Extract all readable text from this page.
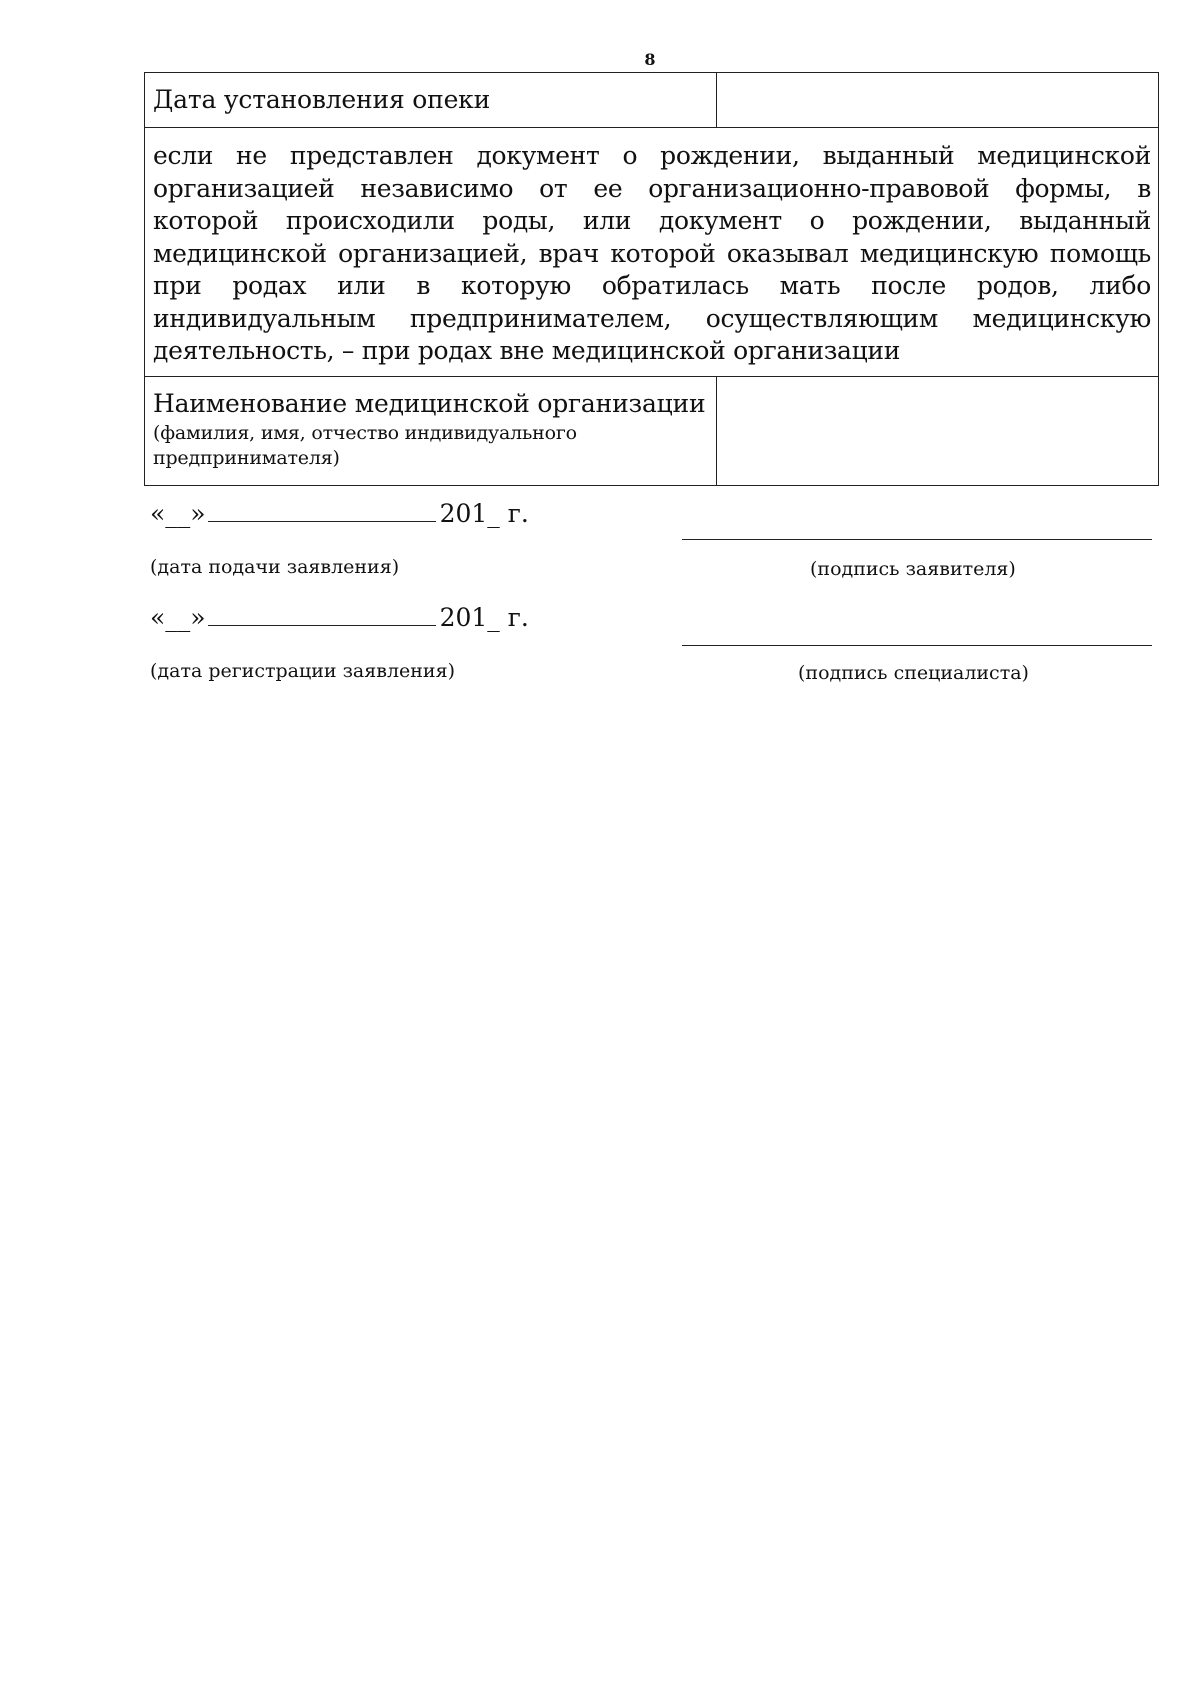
8
Дата установления опеки	

если не представлен документ о рождении, выданный медицинской организацией независимо от ее организационно-правовой формы, в которой происходили роды, или документ о рождении, выданный медицинской организацией, врач которой оказывал медицинскую помощь при родах или в которую обратилась мать после родов, либо индивидуальным предпринимателем, осуществляющим медицинскую деятельность, – при родах вне медицинской организации	

Наименование медицинской организации
(фамилия, имя, отчество индивидуального предпринимателя)	

«__»	201_ г.
(дата подачи заявления)	(подпись заявителя)
«__»	201_ г.
(дата регистрации заявления)	(подпись специалиста)
